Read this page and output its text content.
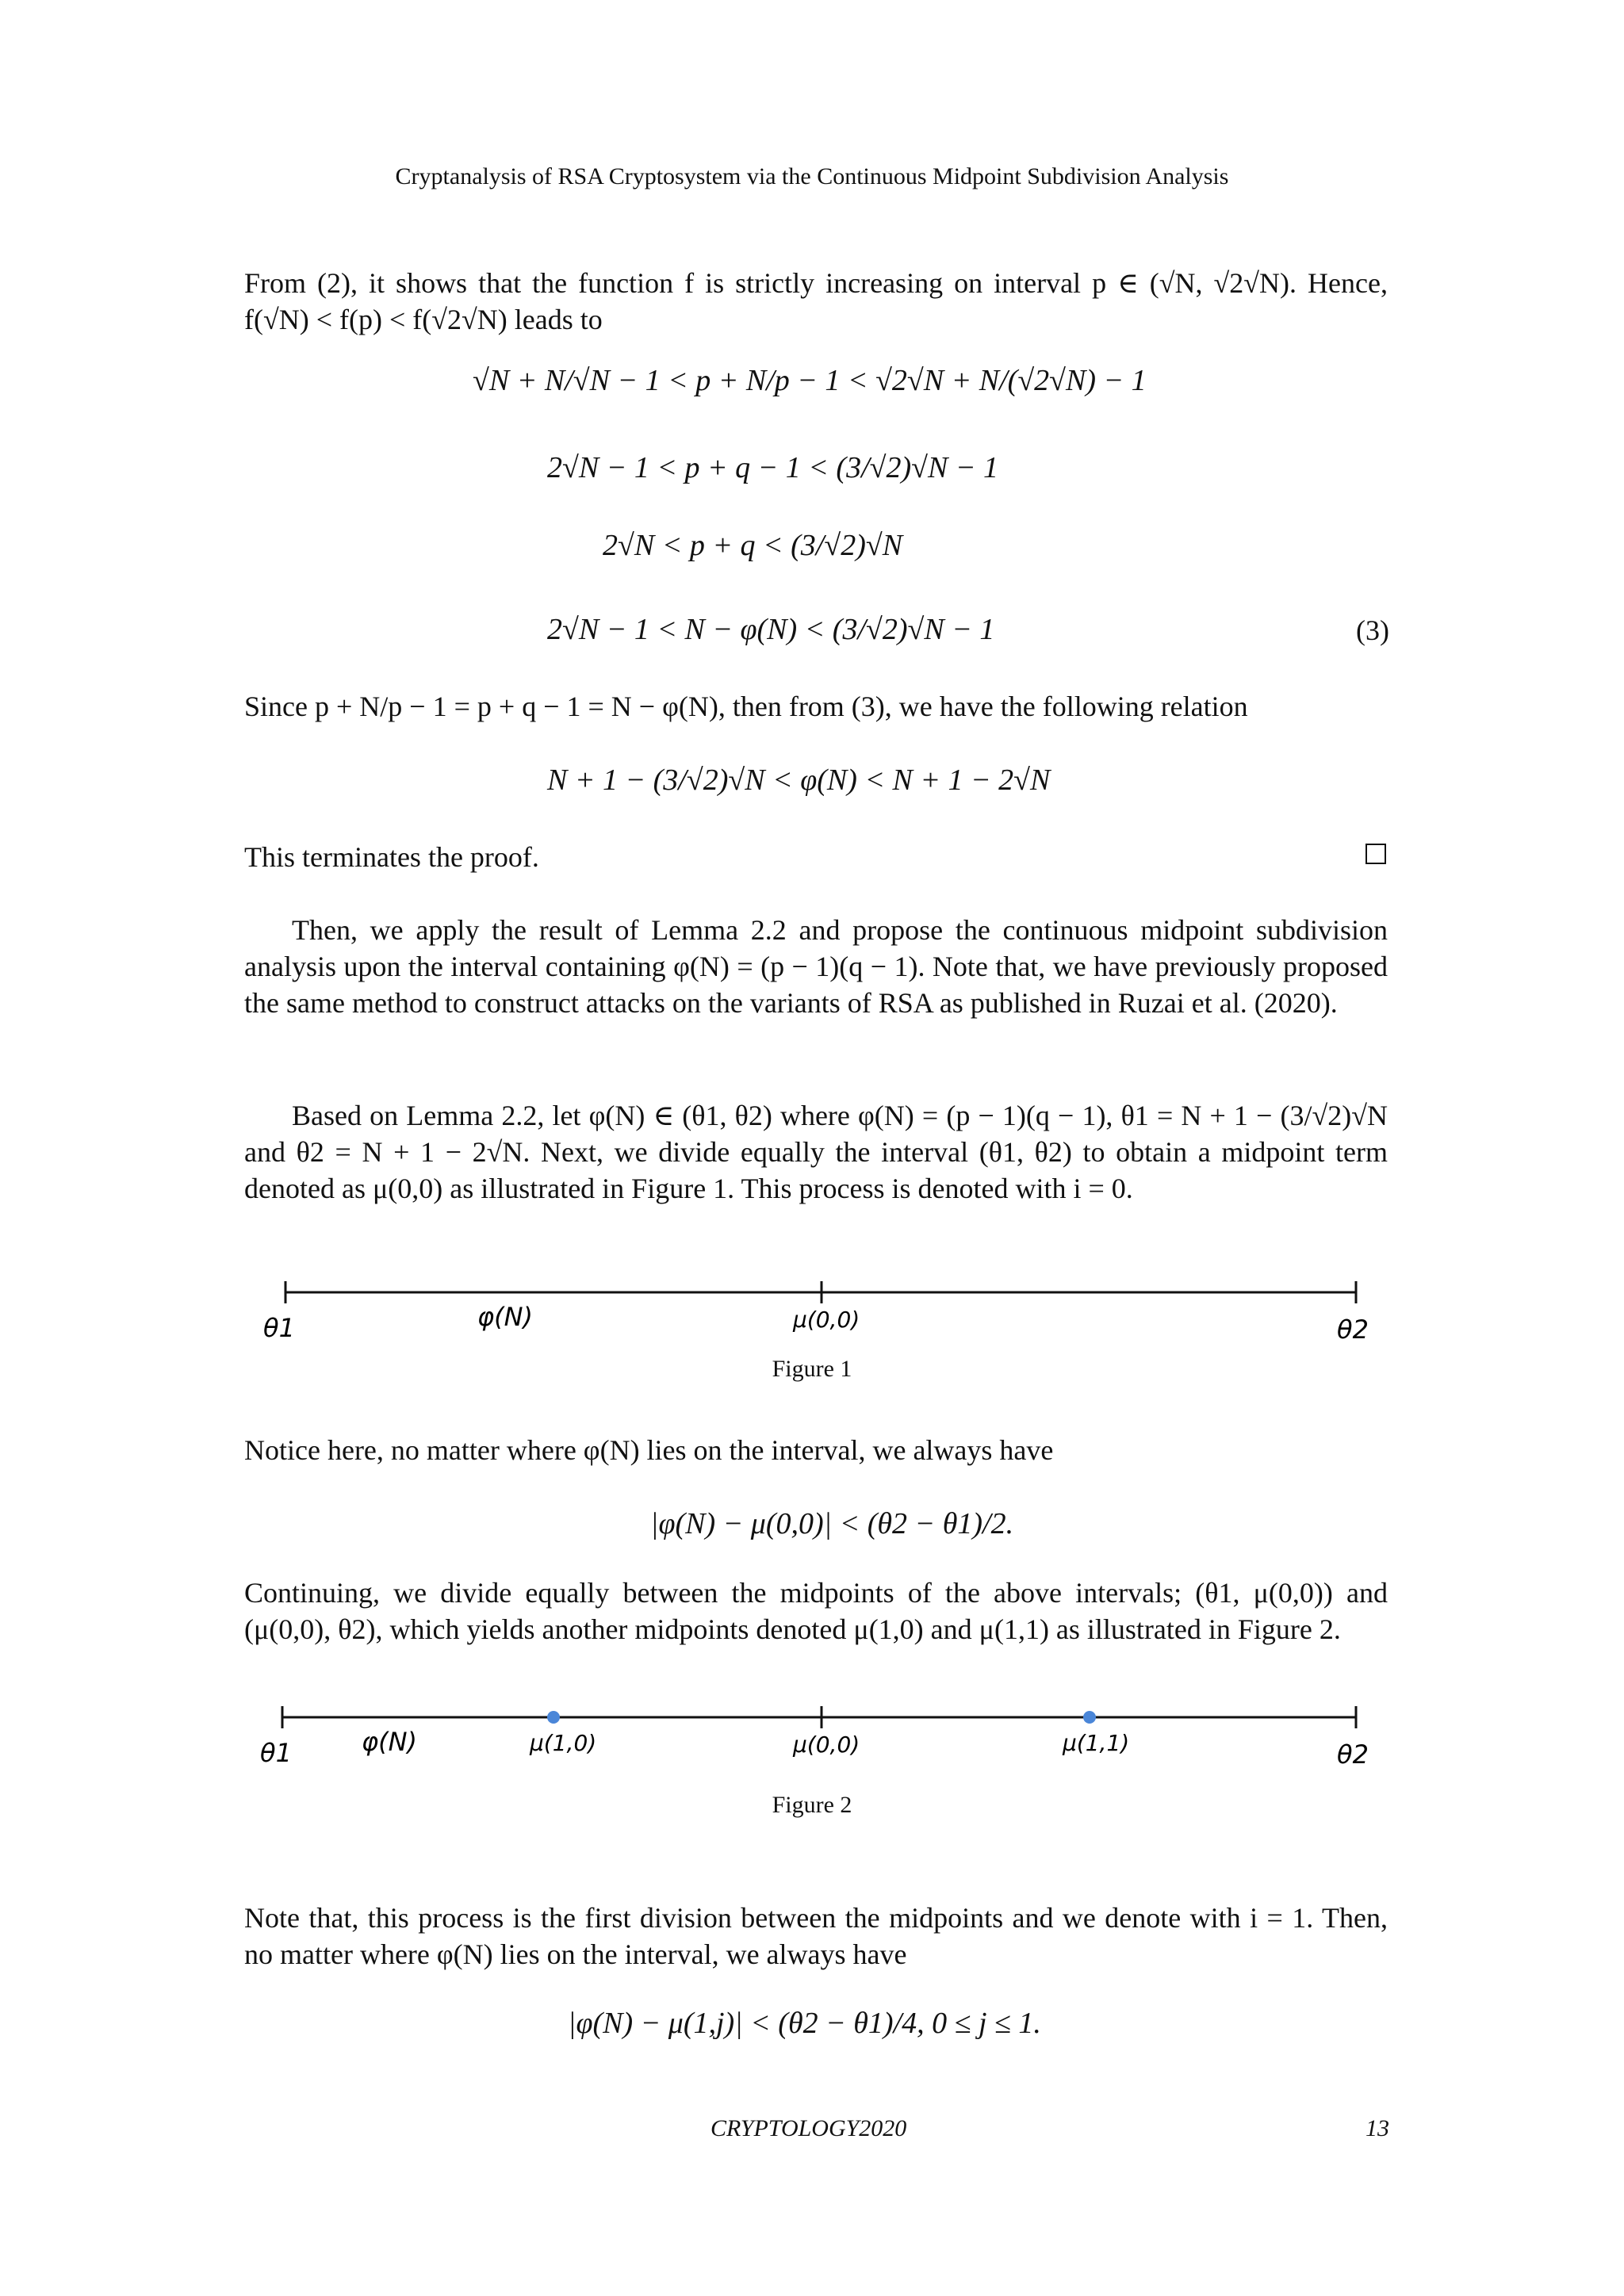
Cryptanalysis of RSA Cryptosystem via the Continuous Midpoint Subdivision Analysis
From (2), it shows that the function f is strictly increasing on interval p ∈ (√N, √2√N). Hence, f(√N) < f(p) < f(√2√N) leads to
√N + N/√N − 1 < p + N/p − 1 < √2√N + N/(√2√N) − 1
2√N − 1 < p + q − 1 < (3/√2)√N − 1
2√N < p + q < (3/√2)√N
2√N − 1 < N − φ(N) < (3/√2)√N − 1	(3)
Since p + N/p − 1 = p + q − 1 = N − φ(N), then from (3), we have the following relation
N + 1 − (3/√2)√N < φ(N) < N + 1 − 2√N
This terminates the proof.
Then, we apply the result of Lemma 2.2 and propose the continuous midpoint subdivision analysis upon the interval containing φ(N) = (p − 1)(q − 1). Note that, we have previously proposed the same method to construct attacks on the variants of RSA as published in Ruzai et al. (2020).
Based on Lemma 2.2, let φ(N) ∈ (θ1, θ2) where φ(N) = (p − 1)(q − 1), θ1 = N + 1 − (3/√2)√N and θ2 = N + 1 − 2√N. Next, we divide equally the interval (θ1, θ2) to obtain a midpoint term denoted as μ(0,0) as illustrated in Figure 1. This process is denoted with i = 0.
θ1	φ(N)	μ(0,0)	θ2
Figure 1
Notice here, no matter where φ(N) lies on the interval, we always have
|φ(N) − μ(0,0)| < (θ2 − θ1)/2.
Continuing, we divide equally between the midpoints of the above intervals; (θ1, μ(0,0)) and (μ(0,0), θ2), which yields another midpoints denoted μ(1,0) and μ(1,1) as illustrated in Figure 2.
θ1	φ(N)	μ(1,0)	μ(0,0)	μ(1,1)	θ2
Figure 2
Note that, this process is the first division between the midpoints and we denote with i = 1. Then, no matter where φ(N) lies on the interval, we always have
|φ(N) − μ(1,j)| < (θ2 − θ1)/4, 0 ≤ j ≤ 1.
CRYPTOLOGY2020	13
